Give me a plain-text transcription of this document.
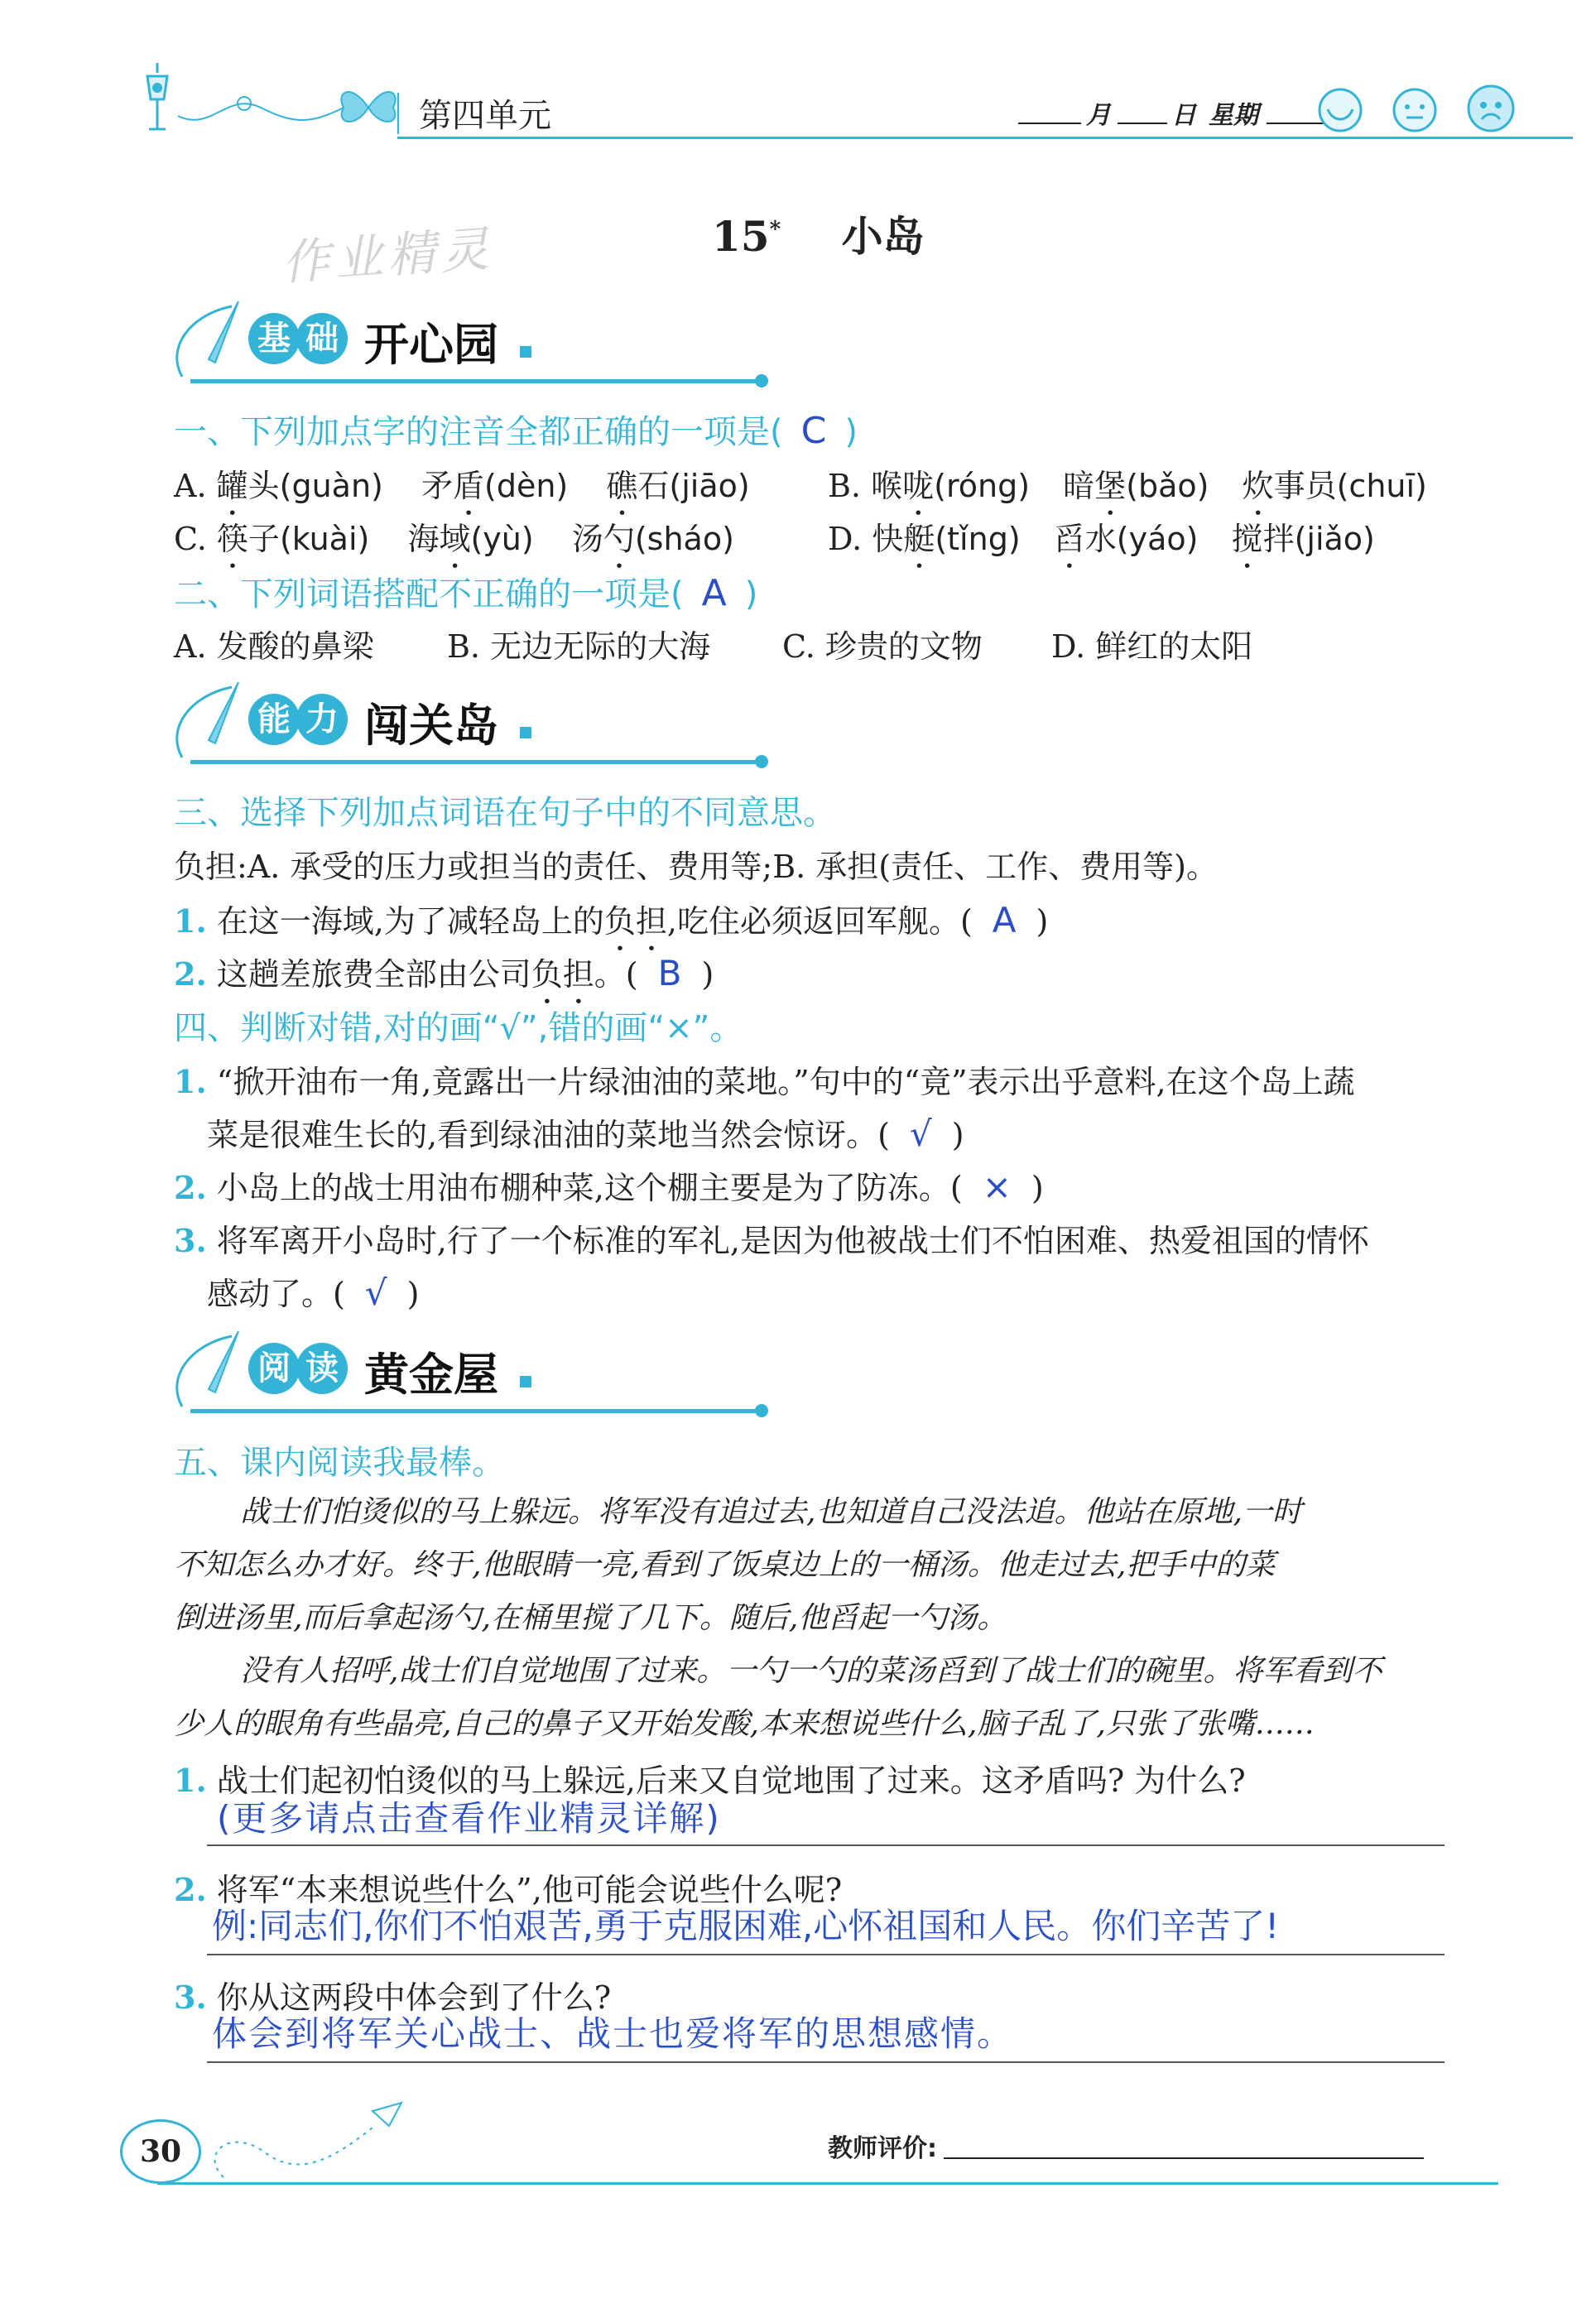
第四单元	月 日 星期
作业精灵	15* 小岛
基 础 开心园
一、下列加点字的注音全都正确的一项是( C )
A. 罐头(guàn) 矛盾(dèn) 礁石(jiāo) B. 喉咙(róng) 暗堡(bǎo) 炊事员(chuī)
C. 筷子(kuài) 海域(yù) 汤勺(sháo)	D. 快艇(tǐng) 舀水(yáo) 搅拌(jiǎo)
二、下列词语搭配不正确的一项是( A )
A. 发酸的鼻梁 B. 无边无际的大海 C. 珍贵的文物 D. 鲜红的太阳
能 力 闯关岛
三、选择下列加点词语在句子中的不同意思。
负担:A. 承受的压力或担当的责任、费用等;B. 承担(责任、工作、费用等)。
1. 在这一海域,为了减轻岛上的负担,吃住必须返回军舰。( A )
2. 这趟差旅费全部由公司负担。( B )
四、判断对错,对的画“√”,错的画“×”。
1. “掀开油布一角,竟露出一片绿油油的菜地。”句中的“竟”表示出乎意料,在这个岛上蔬
菜是很难生长的,看到绿油油的菜地当然会惊讶。( √ )
2. 小岛上的战士用油布棚种菜,这个棚主要是为了防冻。( × )
3. 将军离开小岛时,行了一个标准的军礼,是因为他被战士们不怕困难、热爱祖国的情怀
感动了。( √ )
阅 读 黄金屋
五、课内阅读我最棒。
战士们怕烫似的马上躲远。将军没有追过去,也知道自己没法追。他站在原地,一时
不知怎么办才好。终于,他眼睛一亮,看到了饭桌边上的一桶汤。他走过去,把手中的菜
倒进汤里,而后拿起汤勺,在桶里搅了几下。随后,他舀起一勺汤。
没有人招呼,战士们自觉地围了过来。一勺一勺的菜汤舀到了战士们的碗里。将军看到不
少人的眼角有些晶亮,自己的鼻子又开始发酸,本来想说些什么,脑子乱了,只张了张嘴……
1. 战士们起初怕烫似的马上躲远,后来又自觉地围了过来。这矛盾吗? 为什么?
(更多请点击查看作业精灵详解)
2. 将军“本来想说些什么”,他可能会说些什么呢?
例:同志们,你们不怕艰苦,勇于克服困难,心怀祖国和人民。你们辛苦了!
3. 你从这两段中体会到了什么?
体会到将军关心战士、战士也爱将军的思想感情。
30	教师评价:
